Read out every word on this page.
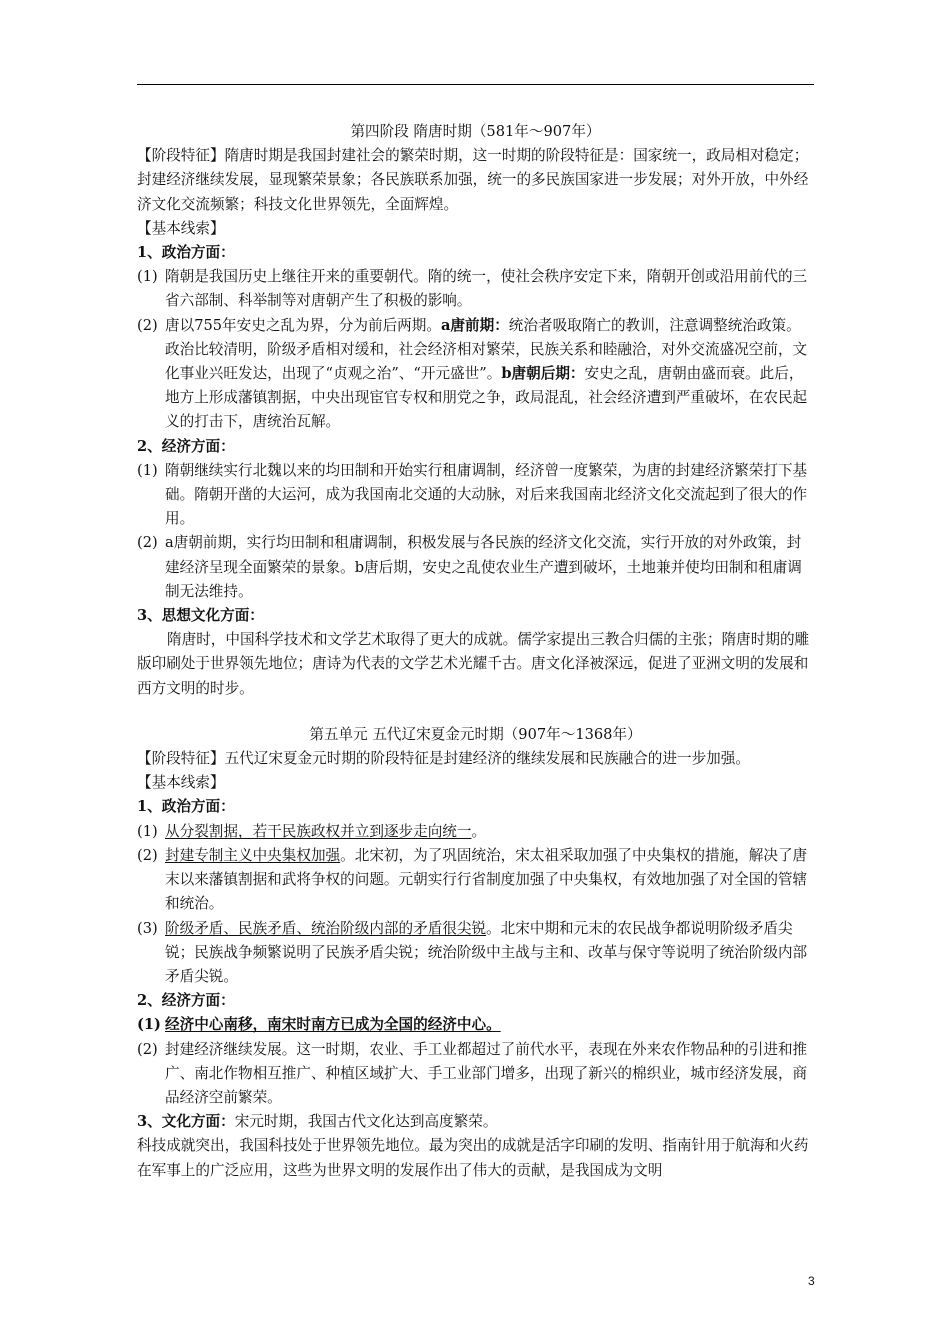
第四阶段 隋唐时期（581年～907年）

【阶段特征】隋唐时期是我国封建社会的繁荣时期，这一时期的阶段特征是：国家统一，政局相对稳定；封建经济继续发展，显现繁荣景象；各民族联系加强，统一的多民族国家进一步发展；对外开放，中外经济文化交流频繁；科技文化世界领先，全面辉煌。

【基本线索】

1、政治方面：

(1) 隋朝是我国历史上继往开来的重要朝代。隋的统一，使社会秩序安定下来，隋朝开创或沿用前代的三省六部制、科举制等对唐朝产生了积极的影响。
(2) 唐以755年安史之乱为界，分为前后两期。a唐前期：统治者吸取隋亡的教训，注意调整统治政策。政治比较清明，阶级矛盾相对缓和，社会经济相对繁荣，民族关系和睦融洽，对外交流盛况空前，文化事业兴旺发达，出现了“贞观之治”、“开元盛世”。b唐朝后期：安史之乱，唐朝由盛而衰。此后，地方上形成藩镇割据，中央出现宦官专权和朋党之争，政局混乱，社会经济遭到严重破坏，在农民起义的打击下，唐统治瓦解。

2、经济方面：

(1) 隋朝继续实行北魏以来的均田制和开始实行租庸调制，经济曾一度繁荣，为唐的封建经济繁荣打下基础。隋朝开凿的大运河，成为我国南北交通的大动脉，对后来我国南北经济文化交流起到了很大的作用。
(2) a唐朝前期，实行均田制和租庸调制，积极发展与各民族的经济文化交流，实行开放的对外政策，封建经济呈现全面繁荣的景象。b唐后期，安史之乱使农业生产遭到破坏，土地兼并使均田制和租庸调制无法维持。

3、思想文化方面：

隋唐时，中国科学技术和文学艺术取得了更大的成就。儒学家提出三教合归儒的主张；隋唐时期的雕版印刷处于世界领先地位；唐诗为代表的文学艺术光耀千古。唐文化泽被深远，促进了亚洲文明的发展和西方文明的时步。

第五单元 五代辽宋夏金元时期（907年～1368年）

【阶段特征】五代辽宋夏金元时期的阶段特征是封建经济的继续发展和民族融合的进一步加强。

【基本线索】

1、政治方面：

(1) 从分裂割据，若干民族政权并立到逐步走向统一。
(2) 封建专制主义中央集权加强。北宋初，为了巩固统治，宋太祖采取加强了中央集权的措施，解决了唐末以来藩镇割据和武将争权的问题。元朝实行行省制度加强了中央集权，有效地加强了对全国的管辖和统治。
(3) 阶级矛盾、民族矛盾、统治阶级内部的矛盾很尖锐。北宋中期和元末的农民战争都说明阶级矛盾尖锐；民族战争频繁说明了民族矛盾尖锐；统治阶级中主战与主和、改革与保守等说明了统治阶级内部矛盾尖锐。

2、经济方面：

(1) 经济中心南移，南宋时南方已成为全国的经济中心。
(2) 封建经济继续发展。这一时期，农业、手工业都超过了前代水平，表现在外来农作物品种的引进和推广、南北作物相互推广、种植区域扩大、手工业部门增多，出现了新兴的棉织业，城市经济发展，商品经济空前繁荣。

3、文化方面：宋元时期，我国古代文化达到高度繁荣。

科技成就突出，我国科技处于世界领先地位。最为突出的成就是活字印刷的发明、指南针用于航海和火药在军事上的广泛应用，这些为世界文明的发展作出了伟大的贡献，是我国成为文明

3
